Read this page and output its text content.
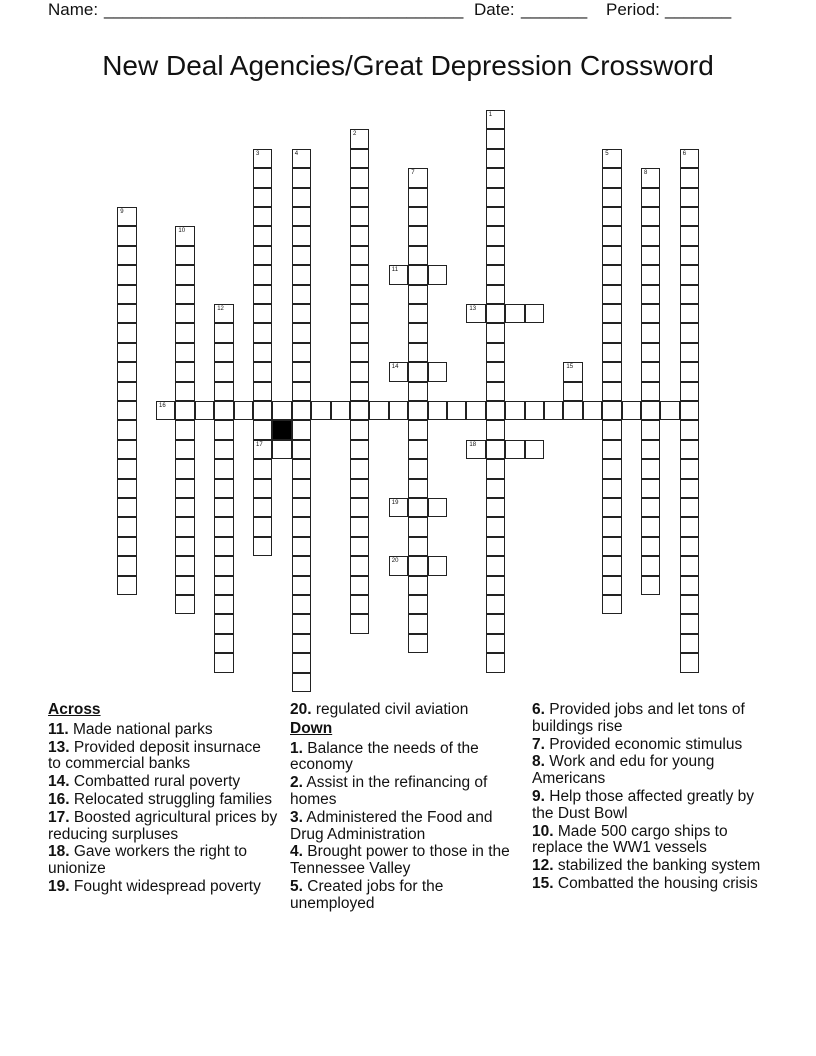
Name: ______________________________________ Date: _______ Period: _______
New Deal Agencies/Great Depression Crossword
1
2
3
17
4	5	6
7	8
9
10
12
15
11
13
14
16
18
19
20
Across
11. Made national parks
13. Provided deposit insurnace to commercial banks
14. Combatted rural poverty
16. Relocated struggling families
17. Boosted agricultural prices by reducing surpluses
18. Gave workers the right to unionize
19. Fought widespread poverty
20. regulated civil aviation
Down
1. Balance the needs of the economy
2. Assist in the refinancing of homes
3. Administered the Food and Drug Administration
4. Brought power to those in the Tennessee Valley
5. Created jobs for the unemployed
6. Provided jobs and let tons of buildings rise
7. Provided economic stimulus
8. Work and edu for young Americans
9. Help those affected greatly by the Dust Bowl
10. Made 500 cargo ships to replace the WW1 vessels
12. stabilized the banking system
15. Combatted the housing crisis
